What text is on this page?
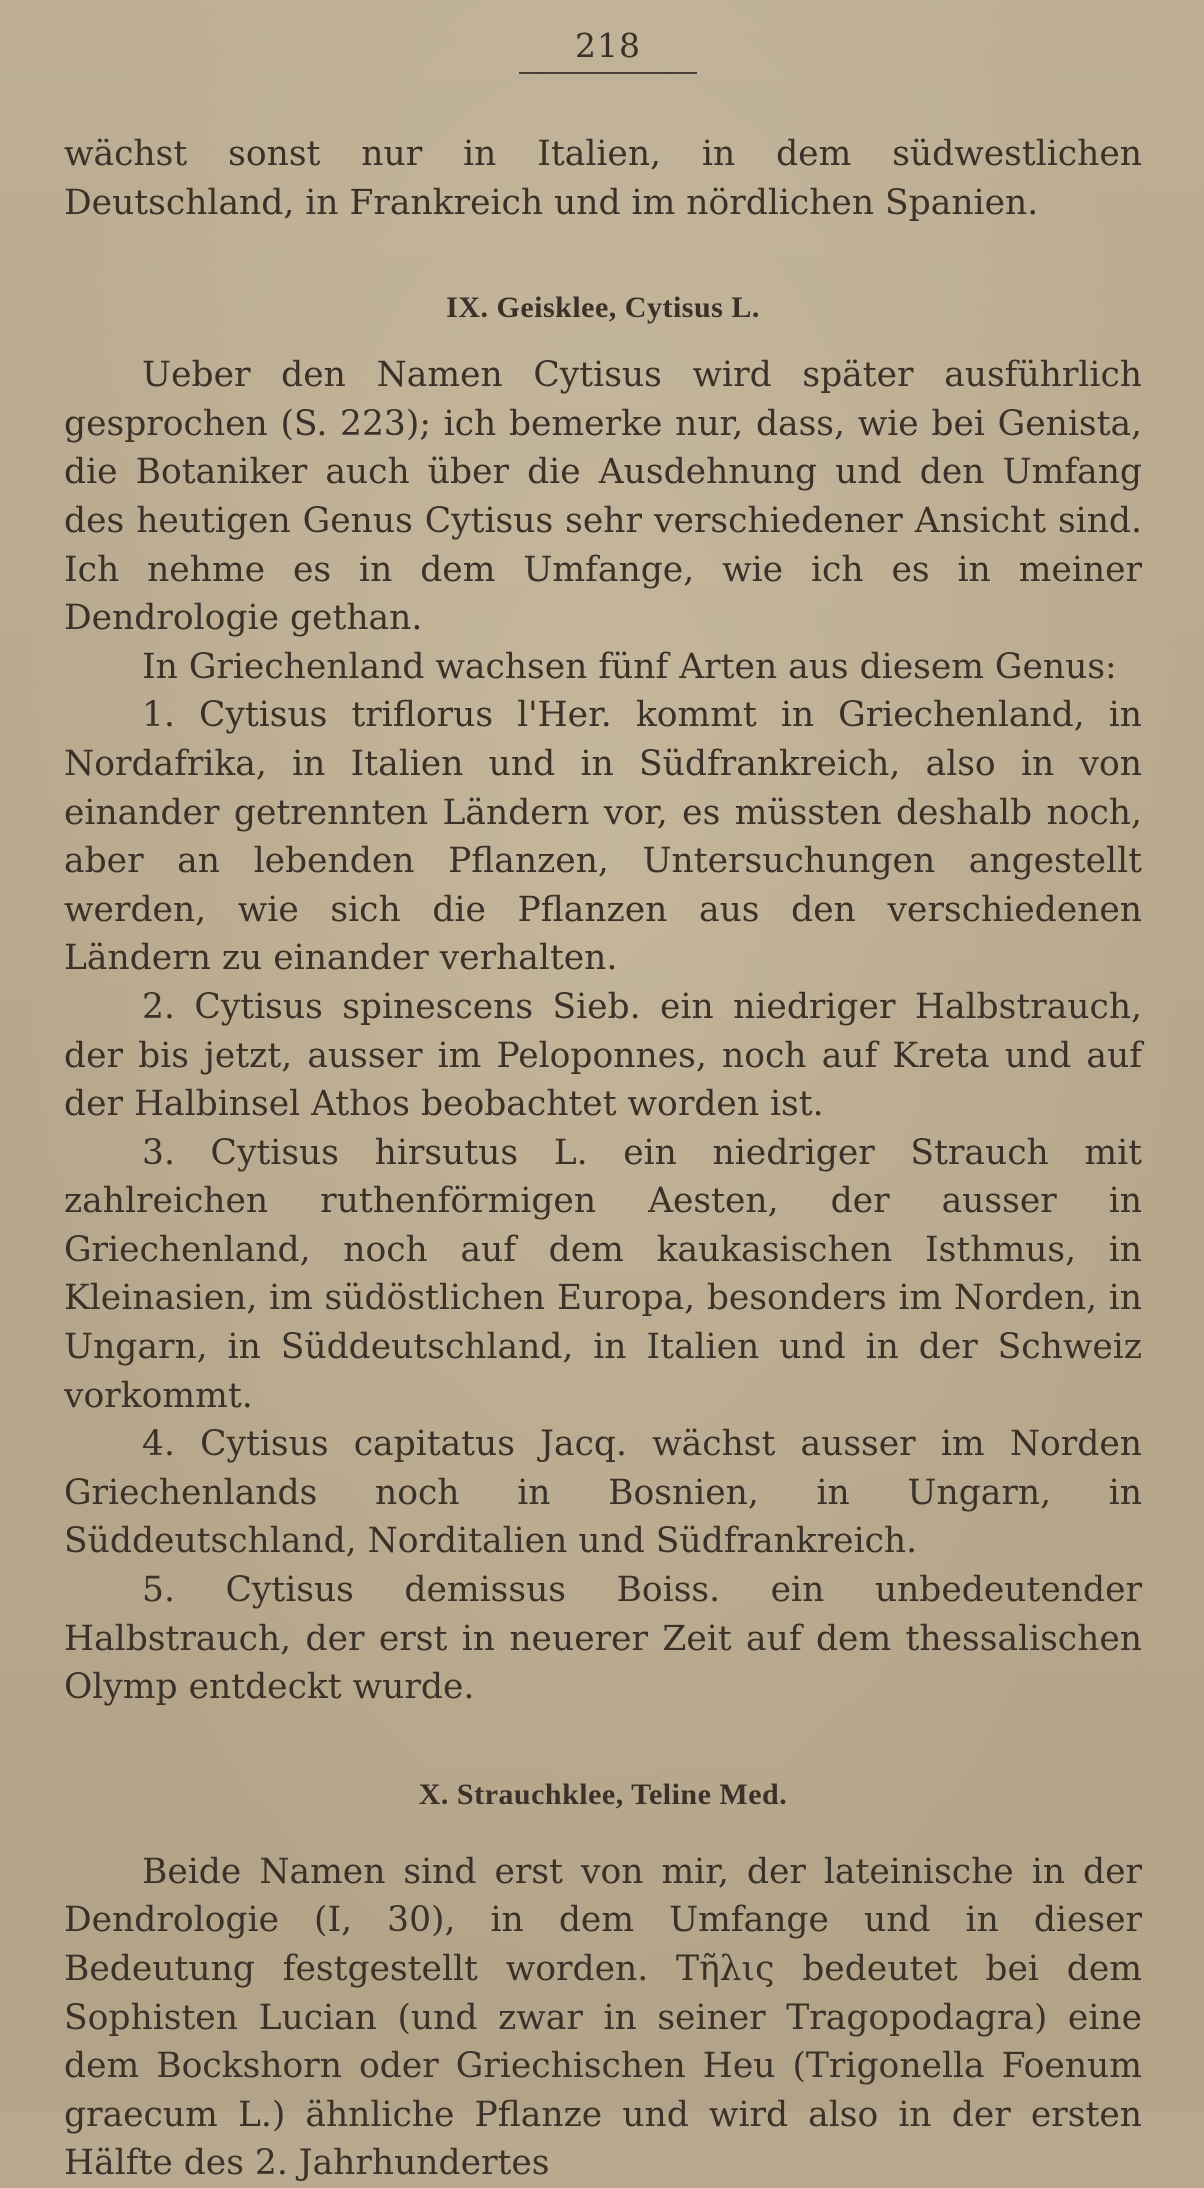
218

wächst sonst nur in Italien, in dem südwestlichen Deutschland, in Frankreich und im nördlichen Spanien.

IX. Geisklee, Cytisus L.

Ueber den Namen Cytisus wird später ausführlich gesprochen (S. 223); ich bemerke nur, dass, wie bei Genista, die Botaniker auch über die Ausdehnung und den Umfang des heutigen Genus Cytisus sehr verschiedener Ansicht sind. Ich nehme es in dem Umfange, wie ich es in meiner Dendrologie gethan.

In Griechenland wachsen fünf Arten aus diesem Genus:

1. Cytisus triflorus l'Her. kommt in Griechenland, in Nordafrika, in Italien und in Südfrankreich, also in von einander getrennten Ländern vor, es müssten deshalb noch, aber an lebenden Pflanzen, Untersuchungen angestellt werden, wie sich die Pflanzen aus den verschiedenen Ländern zu einander verhalten.

2. Cytisus spinescens Sieb. ein niedriger Halbstrauch, der bis jetzt, ausser im Peloponnes, noch auf Kreta und auf der Halbinsel Athos beobachtet worden ist.

3. Cytisus hirsutus L. ein niedriger Strauch mit zahlreichen ruthenförmigen Aesten, der ausser in Griechenland, noch auf dem kaukasischen Isthmus, in Kleinasien, im südöstlichen Europa, besonders im Norden, in Ungarn, in Süddeutschland, in Italien und in der Schweiz vorkommt.

4. Cytisus capitatus Jacq. wächst ausser im Norden Griechenlands noch in Bosnien, in Ungarn, in Süddeutschland, Norditalien und Südfrankreich.

5. Cytisus demissus Boiss. ein unbedeutender Halbstrauch, der erst in neuerer Zeit auf dem thessalischen Olymp entdeckt wurde.

X. Strauchklee, Teline Med.

Beide Namen sind erst von mir, der lateinische in der Dendrologie (I, 30), in dem Umfange und in dieser Bedeutung festgestellt worden. Τῆλις bedeutet bei dem Sophisten Lucian (und zwar in seiner Tragopodagra) eine dem Bockshorn oder Griechischen Heu (Trigonella Foenum graecum L.) ähnliche Pflanze und wird also in der ersten Hälfte des 2. Jahrhundertes
